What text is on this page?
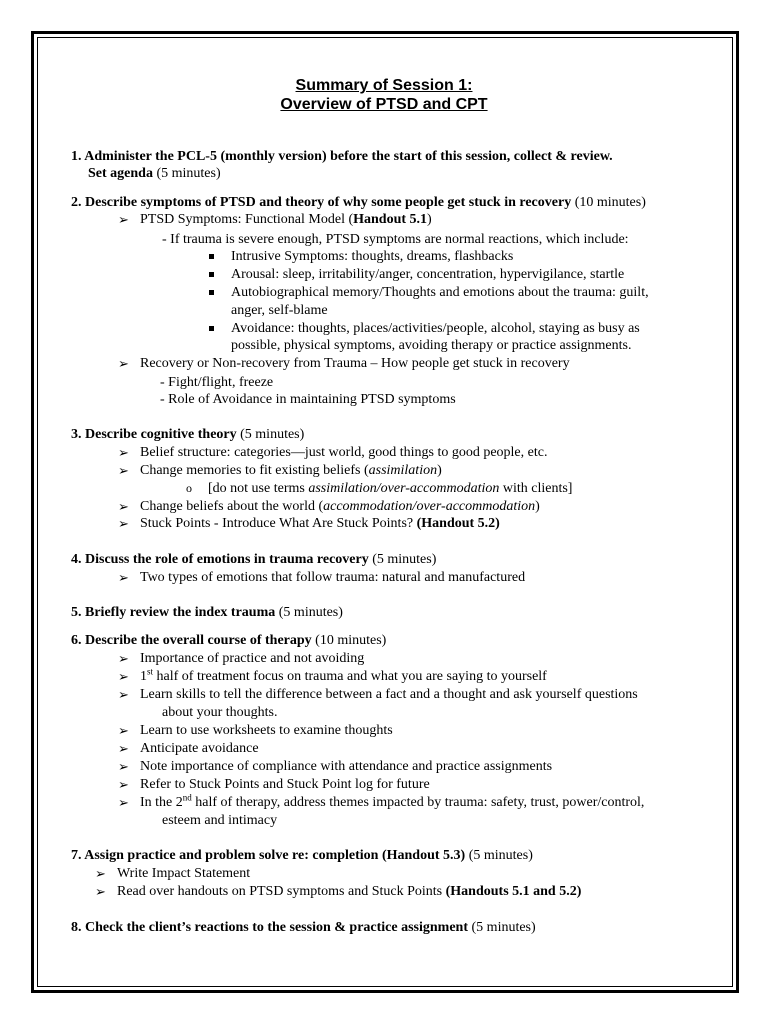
Summary of Session 1:
Overview of PTSD and CPT
1. Administer the PCL-5 (monthly version) before the start of this session, collect & review.
Set agenda (5 minutes)
2. Describe symptoms of PTSD and theory of why some people get stuck in recovery (10 minutes)
➢ PTSD Symptoms: Functional Model (Handout 5.1)
- If trauma is severe enough, PTSD symptoms are normal reactions, which include:
Intrusive Symptoms: thoughts, dreams, flashbacks
Arousal: sleep, irritability/anger, concentration, hypervigilance, startle
Autobiographical memory/Thoughts and emotions about the trauma: guilt,
anger, self-blame
Avoidance: thoughts, places/activities/people, alcohol, staying as busy as
possible, physical symptoms, avoiding therapy or practice assignments.
➢ Recovery or Non-recovery from Trauma – How people get stuck in recovery
- Fight/flight, freeze
- Role of Avoidance in maintaining PTSD symptoms
3. Describe cognitive theory (5 minutes)
➢ Belief structure: categories—just world, good things to good people, etc.
➢ Change memories to fit existing beliefs (assimilation)
o [do not use terms assimilation/over-accommodation with clients]
➢ Change beliefs about the world (accommodation/over-accommodation)
➢ Stuck Points - Introduce What Are Stuck Points? (Handout 5.2)
4. Discuss the role of emotions in trauma recovery (5 minutes)
➢ Two types of emotions that follow trauma: natural and manufactured
5. Briefly review the index trauma (5 minutes)
6. Describe the overall course of therapy (10 minutes)
➢ Importance of practice and not avoiding
➢ 1st half of treatment focus on trauma and what you are saying to yourself
➢ Learn skills to tell the difference between a fact and a thought and ask yourself questions
about your thoughts.
➢ Learn to use worksheets to examine thoughts
➢ Anticipate avoidance
➢ Note importance of compliance with attendance and practice assignments
➢ Refer to Stuck Points and Stuck Point log for future
➢ In the 2nd half of therapy, address themes impacted by trauma: safety, trust, power/control,
esteem and intimacy
7. Assign practice and problem solve re: completion (Handout 5.3) (5 minutes)
➢ Write Impact Statement
➢ Read over handouts on PTSD symptoms and Stuck Points (Handouts 5.1 and 5.2)
8. Check the client’s reactions to the session & practice assignment (5 minutes)
